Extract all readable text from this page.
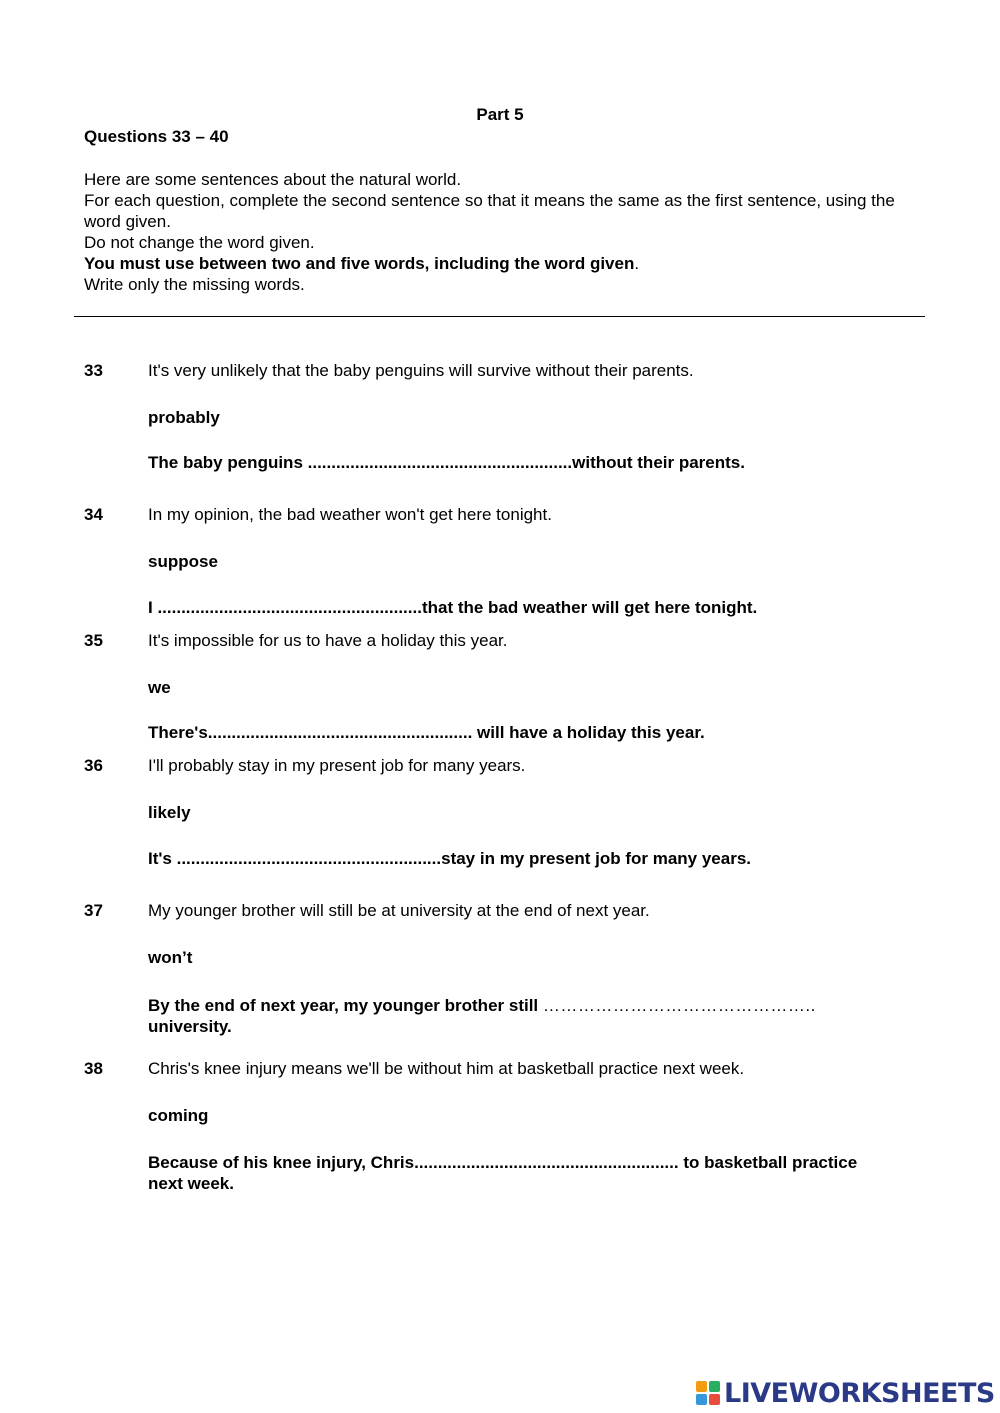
Part 5
Questions 33 – 40
Here are some sentences about the natural world.
For each question, complete the second sentence so that it means the same as the first sentence, using the word given.
Do not change the word given.
You must use between two and five words, including the word given.
Write only the missing words.
33	It's very unlikely that the baby penguins will survive without their parents.
probably
The baby penguins ........................................................without their parents.
34	In my opinion, the bad weather won't get here tonight.
suppose
I ........................................................that the bad weather will get here tonight.
35	It's impossible for us to have a holiday this year.
we
There's........................................................ will have a holiday this year.
36	I'll probably stay in my present job for many years.
likely
It's ........................................................stay in my present job for many years.
37	My younger brother will still be at university at the end of next year.
won’t
By the end of next year, my younger brother still ………………………………………..
university.
38	Chris's knee injury means we'll be without him at basketball practice next week.
coming
Because of his knee injury, Chris........................................................ to basketball practice next week.
LIVEWORKSHEETS
